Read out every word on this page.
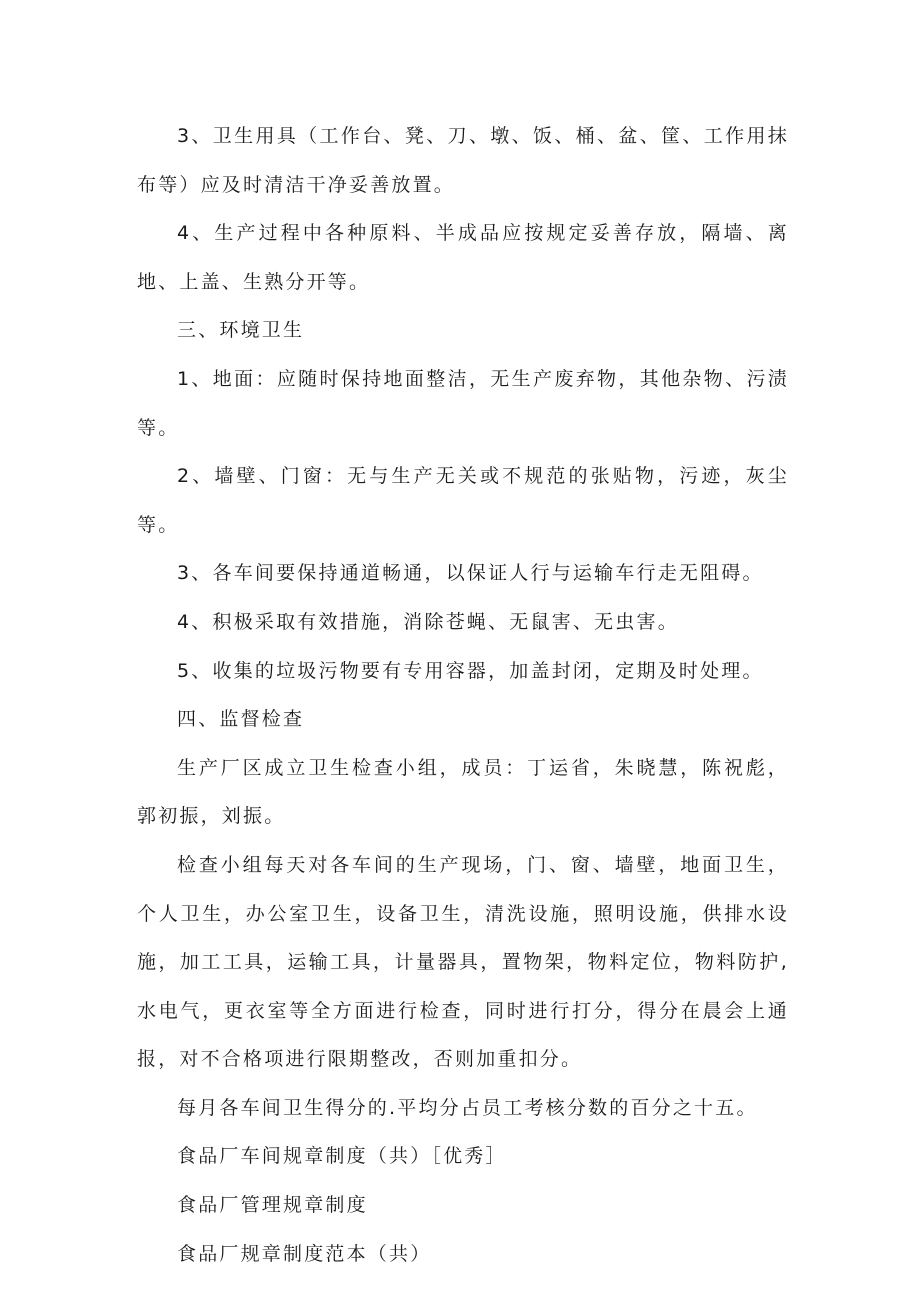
3、卫生用具（工作台、凳、刀、墩、饭、桶、盆、筐、工作用抹布等）应及时清洁干净妥善放置。

4、生产过程中各种原料、半成品应按规定妥善存放，隔墙、离地、上盖、生熟分开等。

三、环境卫生

1、地面：应随时保持地面整洁，无生产废弃物，其他杂物、污渍等。

2、墙壁、门窗：无与生产无关或不规范的张贴物，污迹，灰尘等。

3、各车间要保持通道畅通，以保证人行与运输车行走无阻碍。

4、积极采取有效措施，消除苍蝇、无鼠害、无虫害。

5、收集的垃圾污物要有专用容器，加盖封闭，定期及时处理。

四、监督检查

生产厂区成立卫生检查小组，成员：丁运省，朱晓慧，陈祝彪，郭初振，刘振。

检查小组每天对各车间的生产现场，门、窗、墙壁，地面卫生，个人卫生，办公室卫生，设备卫生，清洗设施，照明设施，供排水设施，加工工具，运输工具，计量器具，置物架，物料定位，物料防护,水电气，更衣室等全方面进行检查，同时进行打分，得分在晨会上通报，对不合格项进行限期整改，否则加重扣分。

每月各车间卫生得分的.平均分占员工考核分数的百分之十五。

食品厂车间规章制度（共）［优秀］

食品厂管理规章制度

食品厂规章制度范本（共）
